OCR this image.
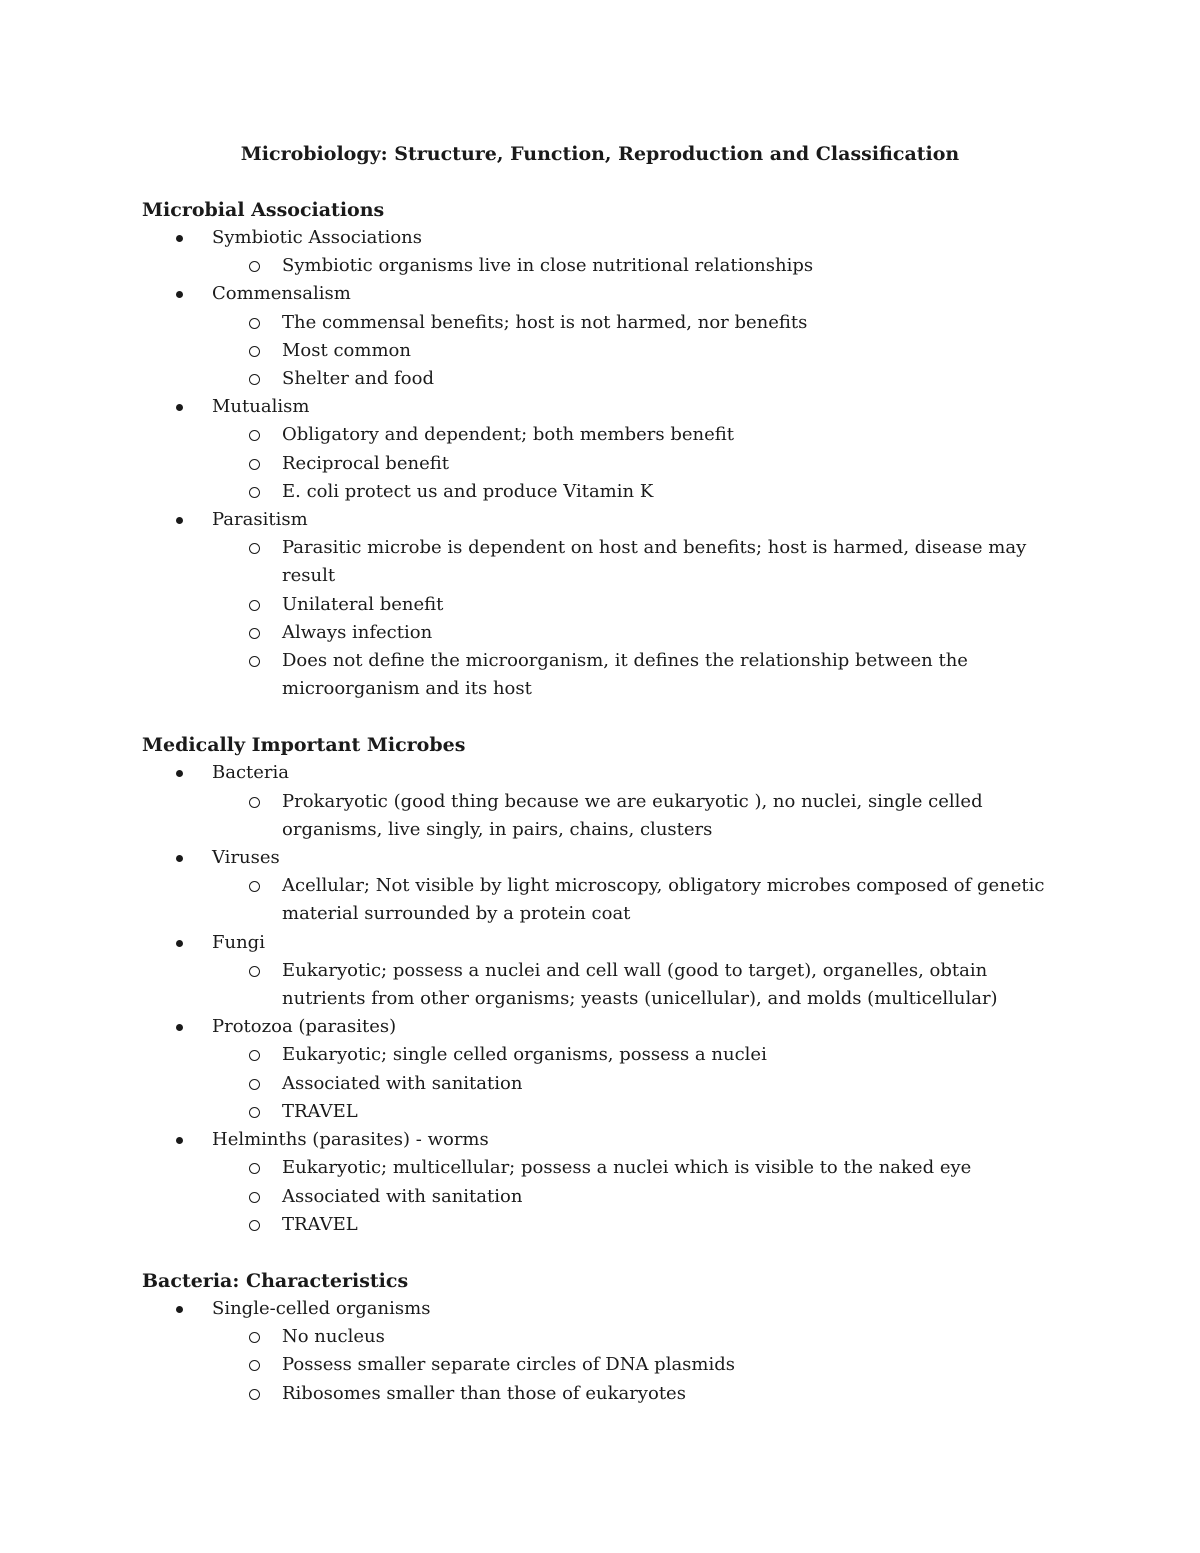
Microbiology: Structure, Function, Reproduction and Classification
Microbial Associations
Symbiotic Associations
Symbiotic organisms live in close nutritional relationships
Commensalism
The commensal benefits; host is not harmed, nor benefits
Most common
Shelter and food
Mutualism
Obligatory and dependent; both members benefit
Reciprocal benefit
E. coli protect us and produce Vitamin K
Parasitism
Parasitic microbe is dependent on host and benefits; host is harmed, disease may result
Unilateral benefit
Always infection
Does not define the microorganism, it defines the relationship between the microorganism and its host
Medically Important Microbes
Bacteria
Prokaryotic (good thing because we are eukaryotic ), no nuclei, single celled organisms, live singly, in pairs, chains, clusters
Viruses
Acellular; Not visible by light microscopy, obligatory microbes composed of genetic material surrounded by a protein coat
Fungi
Eukaryotic; possess a nuclei and cell wall (good to target), organelles, obtain nutrients from other organisms; yeasts (unicellular), and molds (multicellular)
Protozoa (parasites)
Eukaryotic; single celled organisms, possess a nuclei
Associated with sanitation
TRAVEL
Helminths (parasites) - worms
Eukaryotic; multicellular; possess a nuclei which is visible to the naked eye
Associated with sanitation
TRAVEL
Bacteria: Characteristics
Single-celled organisms
No nucleus
Possess smaller separate circles of DNA plasmids
Ribosomes smaller than those of eukaryotes
